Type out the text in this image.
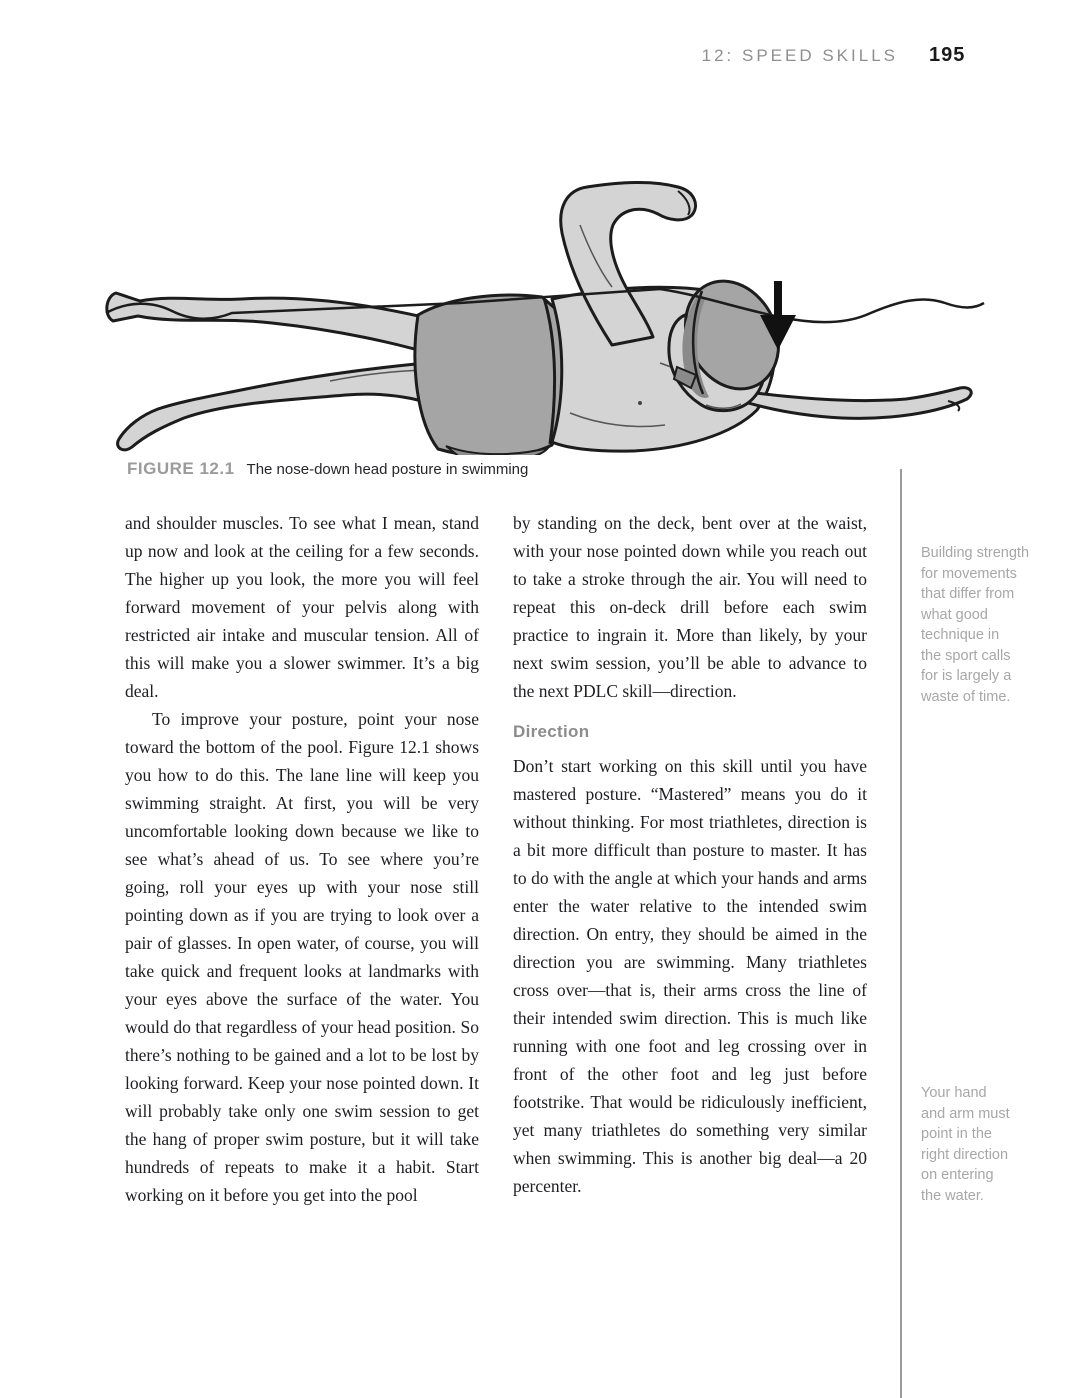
12: SPEED SKILLS 195
FIGURE 12.1 The nose-down head posture in swimming

and shoulder muscles. To see what I mean, stand up now and look at the ceiling for a few seconds. The higher up you look, the more you will feel forward movement of your pelvis along with restricted air intake and muscular tension. All of this will make you a slower swimmer. It’s a big deal.

To improve your posture, point your nose toward the bottom of the pool. Figure 12.1 shows you how to do this. The lane line will keep you swimming straight. At first, you will be very uncomfortable looking down because we like to see what’s ahead of us. To see where you’re going, roll your eyes up with your nose still pointing down as if you are trying to look over a pair of glasses. In open water, of course, you will take quick and frequent looks at landmarks with your eyes above the surface of the water. You would do that regardless of your head position. So there’s nothing to be gained and a lot to be lost by looking forward. Keep your nose pointed down. It will probably take only one swim session to get the hang of proper swim posture, but it will take hundreds of repeats to make it a habit. Start working on it before you get into the pool

by standing on the deck, bent over at the waist, with your nose pointed down while you reach out to take a stroke through the air. You will need to repeat this on-deck drill before each swim practice to ingrain it. More than likely, by your next swim session, you’ll be able to advance to the next PDLC skill—direction.

Direction

Don’t start working on this skill until you have mastered posture. “Mastered” means you do it without thinking. For most triathletes, direction is a bit more difficult than posture to master. It has to do with the angle at which your hands and arms enter the water relative to the intended swim direction. On entry, they should be aimed in the direction you are swimming. Many triathletes cross over—that is, their arms cross the line of their intended swim direction. This is much like running with one foot and leg crossing over in front of the other foot and leg just before footstrike. That would be ridiculously inefficient, yet many triathletes do something very similar when swimming. This is another big deal—a 20 percenter.

Building strength
for movements
that differ from
what good
technique in
the sport calls
for is largely a
waste of time.
Your hand
and arm must
point in the
right direction
on entering
the water.
